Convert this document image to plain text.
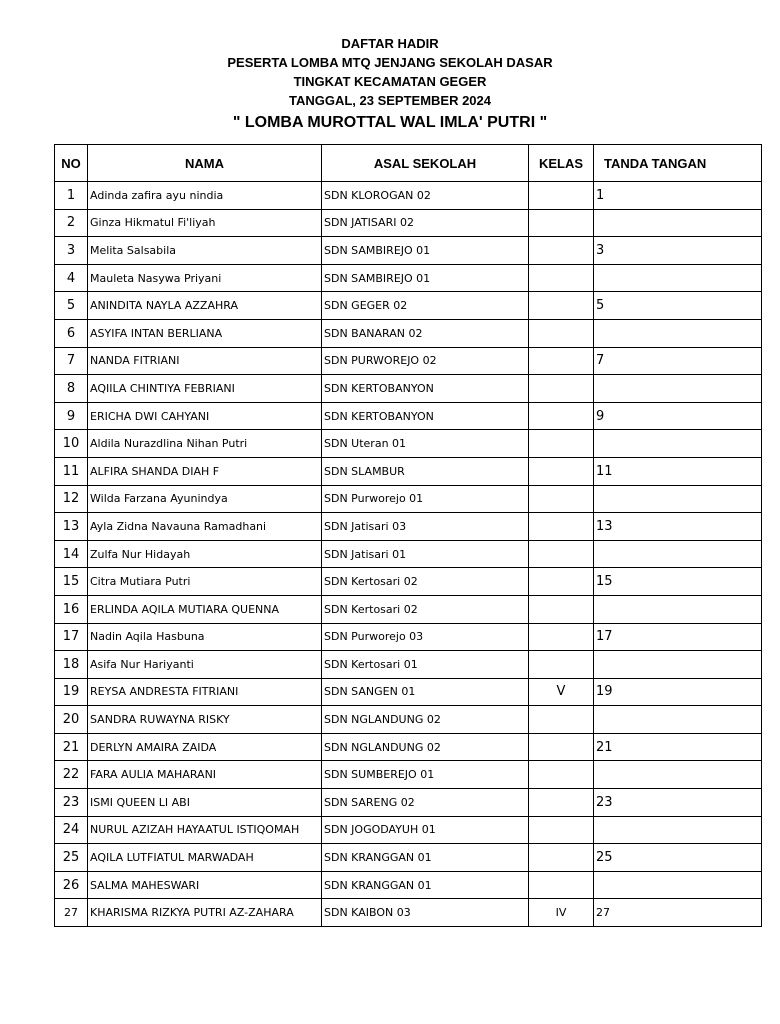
DAFTAR HADIR
PESERTA LOMBA MTQ JENJANG SEKOLAH DASAR
TINGKAT KECAMATAN GEGER
TANGGAL, 23 SEPTEMBER 2024
" LOMBA MUROTTAL WAL IMLA' PUTRI "
NO	NAMA	ASAL SEKOLAH	KELAS	TANDA TANGAN
1	Adinda zafira ayu nindia	SDN KLOROGAN 02		1
2	Ginza Hikmatul Fi'liyah	SDN JATISARI 02		
3	Melita Salsabila	SDN SAMBIREJO 01		3
4	Mauleta Nasywa Priyani	SDN SAMBIREJO 01		
5	ANINDITA NAYLA AZZAHRA	SDN GEGER 02		5
6	ASYIFA INTAN BERLIANA	SDN BANARAN 02		
7	NANDA FITRIANI	SDN PURWOREJO 02		7
8	AQIILA CHINTIYA FEBRIANI	SDN KERTOBANYON		
9	ERICHA DWI CAHYANI	SDN KERTOBANYON		9
10	Aldila Nurazdlina Nihan Putri	SDN Uteran 01		
11	ALFIRA SHANDA DIAH F	SDN SLAMBUR		11
12	Wilda Farzana Ayunindya	SDN Purworejo 01		
13	Ayla Zidna Navauna Ramadhani	SDN Jatisari 03		13
14	Zulfa Nur Hidayah	SDN Jatisari 01		
15	Citra Mutiara Putri	SDN Kertosari 02		15
16	ERLINDA AQILA MUTIARA QUENNA	SDN Kertosari 02		
17	Nadin Aqila Hasbuna	SDN Purworejo 03		17
18	Asifa Nur Hariyanti	SDN Kertosari 01		
19	REYSA ANDRESTA FITRIANI	SDN SANGEN 01	V	19
20	SANDRA RUWAYNA RISKY	SDN NGLANDUNG 02		
21	DERLYN AMAIRA ZAIDA	SDN NGLANDUNG 02		21
22	FARA AULIA MAHARANI	SDN SUMBEREJO 01		
23	ISMI QUEEN LI ABI	SDN SARENG 02		23
24	NURUL AZIZAH HAYAATUL ISTIQOMAH	SDN JOGODAYUH 01		
25	AQILA LUTFIATUL MARWADAH	SDN KRANGGAN 01		25
26	SALMA MAHESWARI	SDN KRANGGAN 01		
27	KHARISMA RIZKYA PUTRI AZ-ZAHARA	SDN KAIBON 03	IV	27
